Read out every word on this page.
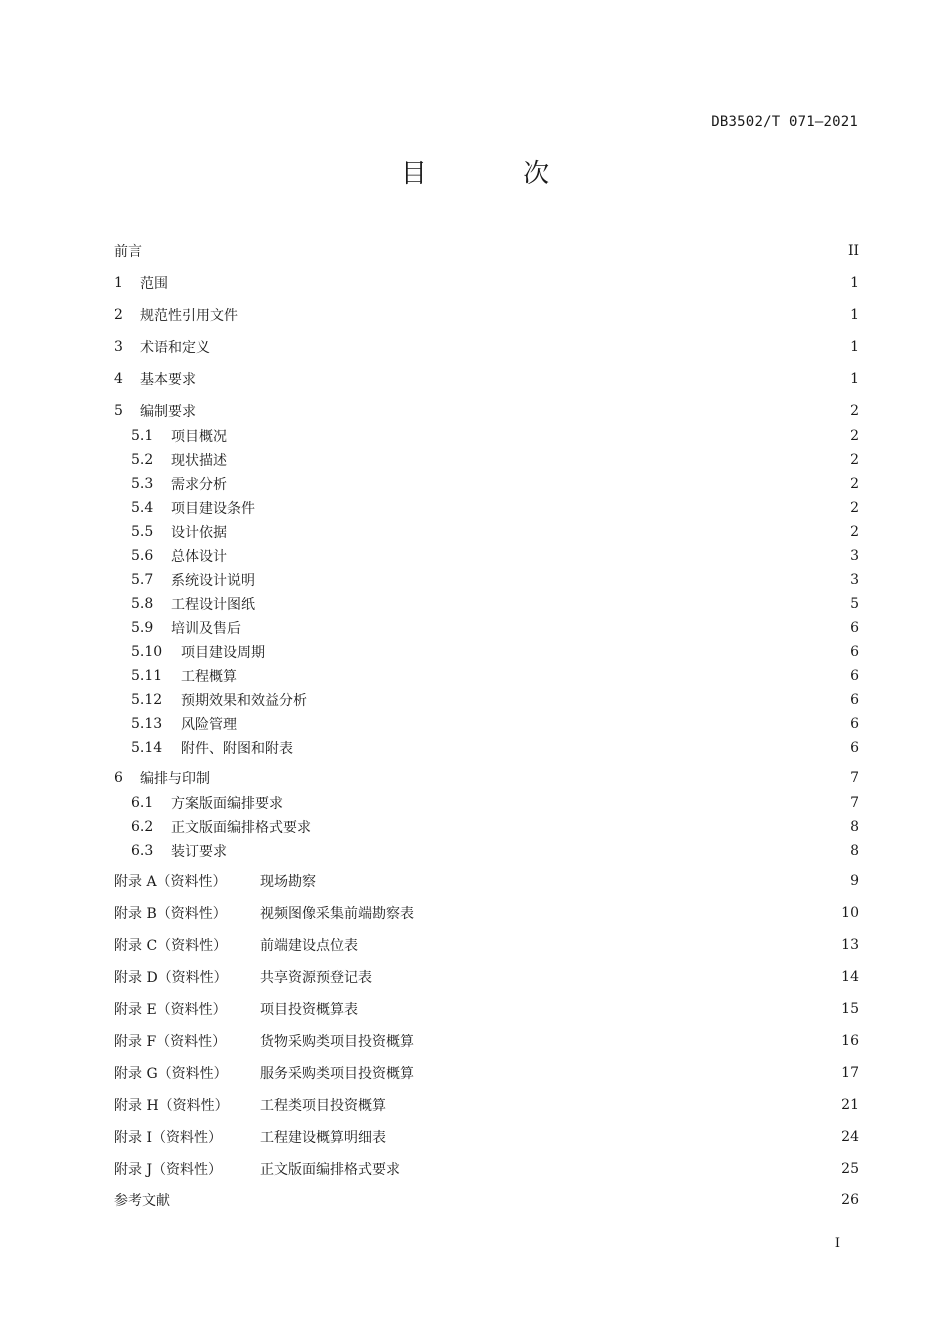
DB3502/T 071—2021
目 次
前言	II
1	范围	1
2	规范性引用文件	1
3	术语和定义	1
4	基本要求	1
5	编制要求	2
5.1	项目概况	2
5.2	现状描述	2
5.3	需求分析	2
5.4	项目建设条件	2
5.5	设计依据	2
5.6	总体设计	3
5.7	系统设计说明	3
5.8	工程设计图纸	5
5.9	培训及售后	6
5.10	项目建设周期	6
5.11	工程概算	6
5.12	预期效果和效益分析	6
5.13	风险管理	6
5.14	附件、附图和附表	6
6	编排与印制	7
6.1	方案版面编排要求	7
6.2	正文版面编排格式要求	8
6.3	装订要求	8
附录 A（资料性）	现场勘察	9
附录 B（资料性）	视频图像采集前端勘察表	10
附录 C（资料性）	前端建设点位表	13
附录 D（资料性）	共享资源预登记表	14
附录 E（资料性）	项目投资概算表	15
附录 F（资料性）	货物采购类项目投资概算	16
附录 G（资料性）	服务采购类项目投资概算	17
附录 H（资料性）	工程类项目投资概算	21
附录 I（资料性）	工程建设概算明细表	24
附录 J（资料性）	正文版面编排格式要求	25
参考文献	26
I
